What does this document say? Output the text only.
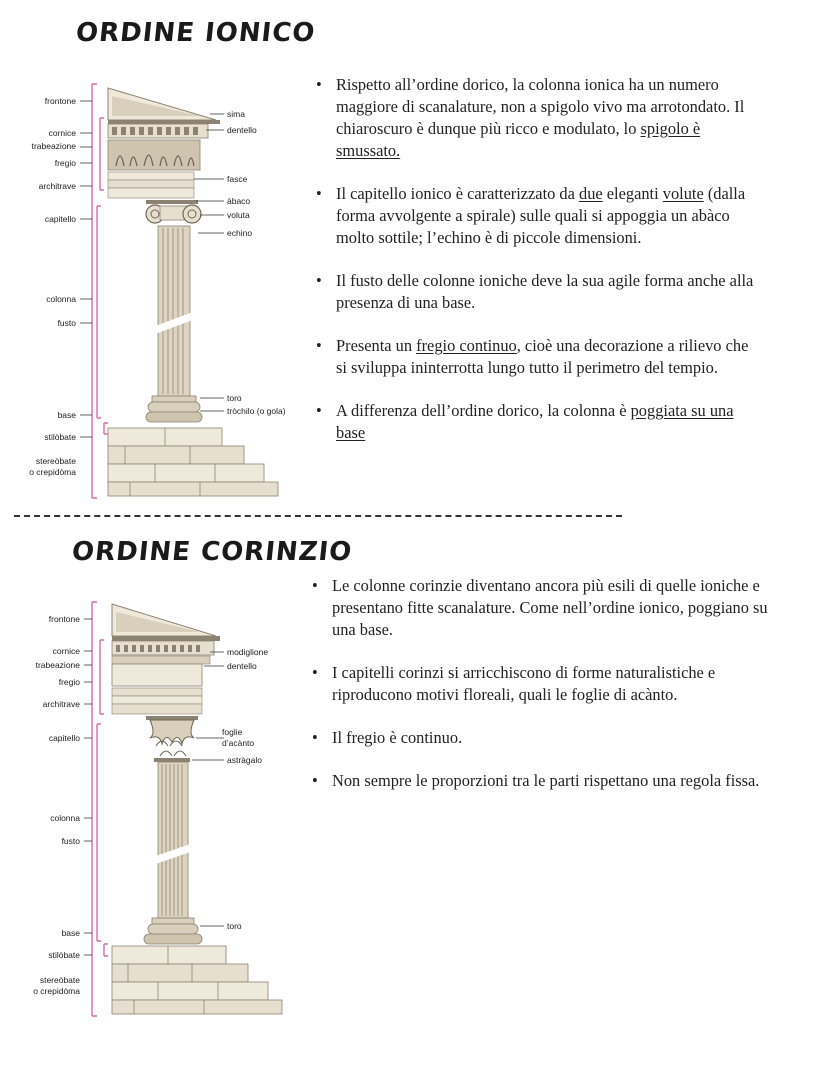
ORDINE IONICO
frontone
cornice
trabeazione
fregio
architrave
capitello
colonna
fusto
base
stilòbate
stereòbate
o crepidòma
sima
dentello
fasce
àbaco
voluta
echino
toro
tròchilo (o gola)
• Rispetto all’ordine dorico, la colonna ionica ha un numero maggiore di scanalature, non a spigolo vivo ma arrotondato. Il chiaroscuro è dunque più ricco e modulato, lo spigolo è smussato.
• Il capitello ionico è caratterizzato da due eleganti volute (dalla forma avvolgente a spirale) sulle quali si appoggia un abàco molto sottile; l’echino è di piccole dimensioni.
• Il fusto delle colonne ioniche deve la sua agile forma anche alla presenza di una base.
• Presenta un fregio continuo, cioè una decorazione a rilievo che si sviluppa ininterrotta lungo tutto il perimetro del tempio.
• A differenza dell’ordine dorico, la colonna è poggiata su una base
ORDINE CORINZIO
frontone
cornice
trabeazione
fregio
architrave
capitello
colonna
fusto
base
stilòbate
stereòbate
o crepidòma
modiglione
dentello
foglie
d’acànto
astràgalo
toro
• Le colonne corinzie diventano ancora più esili di quelle ioniche e presentano fitte scanalature. Come nell’ordine ionico, poggiano su una base.
• I capitelli corinzi si arricchiscono di forme naturalistiche e riproducono motivi floreali, quali le foglie di acànto.
• Il fregio è continuo.
• Non sempre le proporzioni tra le parti rispettano una regola fissa.
